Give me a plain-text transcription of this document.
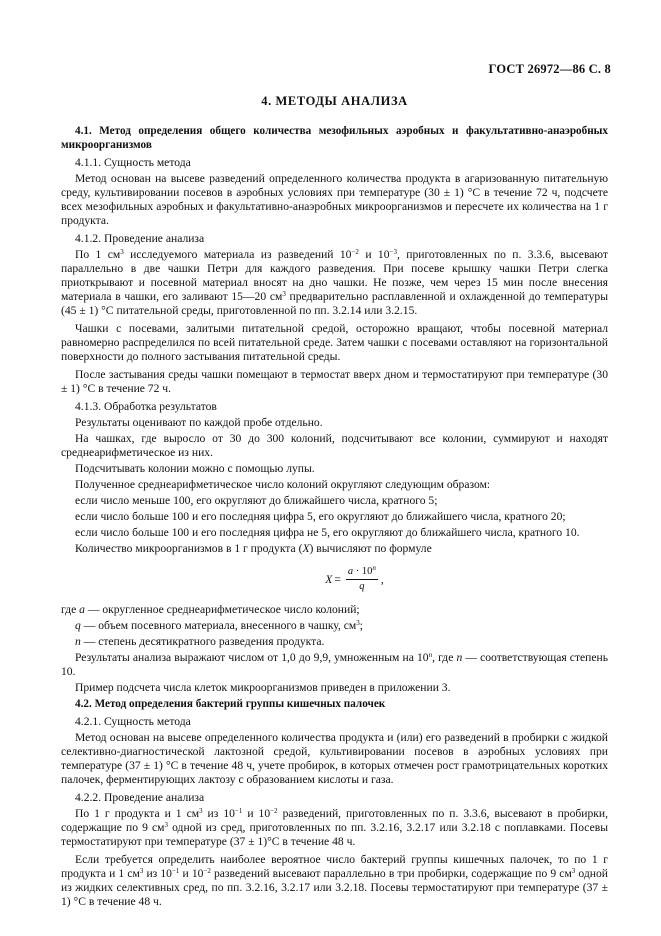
ГОСТ 26972—86 С. 8
4. МЕТОДЫ АНАЛИЗА
4.1. Метод определения общего количества мезофильных аэробных и факультативно-анаэробных микроорганизмов
4.1.1. Сущность метода
Метод основан на высеве разведений определенного количества продукта в агаризованную питательную среду, культивировании посевов в аэробных условиях при температуре (30 ± 1) °С в течение 72 ч, подсчете всех мезофильных аэробных и факультативно-анаэробных микроорганизмов и пересчете их количества на 1 г продукта.
4.1.2. Проведение анализа
По 1 $см^3$ исследуемого материала из разведений $10^{-2}$ и $10^{-3}$, приготовленных по п. 3.3.6, высевают параллельно в две чашки Петри для каждого разведения. При посеве крышку чашки Петри слегка приоткрывают и посевной материал вносят на дно чашки. Не позже, чем через 15 мин после внесения материала в чашки, его заливают 15—20 $см^3$ предварительно расплавленной и охлажденной до температуры (45 ± 1) °С питательной среды, приготовленной по пп. 3.2.14 или 3.2.15.
Чашки с посевами, залитыми питательной средой, осторожно вращают, чтобы посевной материал равномерно распределился по всей питательной среде. Затем чашки с посевами оставляют на горизонтальной поверхности до полного застывания питательной среды.
После застывания среды чашки помещают в термостат вверх дном и термостатируют при температуре (30 ± 1) °С в течение 72 ч.
4.1.3. Обработка результатов
Результаты оценивают по каждой пробе отдельно.
На чашках, где выросло от 30 до 300 колоний, подсчитывают все колонии, суммируют и находят среднеарифметическое из них.
Подсчитывать колонии можно с помощью лупы.
Полученное среднеарифметическое число колоний округляют следующим образом:
если число меньше 100, его округляют до ближайшего числа, кратного 5;
если число больше 100 и его последняя цифра 5, его округляют до ближайшего числа, кратного 20;
если число больше 100 и его последняя цифра не 5, его округляют до ближайшего числа, кратного 10.
Количество микроорганизмов в 1 г продукта (X) вычисляют по формуле
$X = \frac{a \cdot 10^n}{q}$ ,
где a — округленное среднеарифметическое число колоний;
q — объем посевного материала, внесенного в чашку, $см^3$;
n — степень десятикратного разведения продукта.
Результаты анализа выражают числом от 1,0 до 9,9, умноженным на 10$^n$, где n — соответствующая степень 10.
Пример подсчета числа клеток микроорганизмов приведен в приложении 3.
4.2. Метод определения бактерий группы кишечных палочек
4.2.1. Сущность метода
Метод основан на высеве определенного количества продукта и (или) его разведений в пробирки с жидкой селективно-диагностической лактозной средой, культивировании посевов в аэробных условиях при температуре (37 ± 1) °С в течение 48 ч, учете пробирок, в которых отмечен рост грамотрицательных коротких палочек, ферментирующих лактозу с образованием кислоты и газа.
4.2.2. Проведение анализа
По 1 г продукта и 1 $см^3$ из $10^{-1}$ и $10^{-2}$ разведений, приготовленных по п. 3.3.6, высевают в пробирки, содержащие по 9 $см^3$ одной из сред, приготовленных по пп. 3.2.16, 3.2.17 или 3.2.18 с поплавками. Посевы термостатируют при температуре (37 ± 1)°С в течение 48 ч.
Если требуется определить наиболее вероятное число бактерий группы кишечных палочек, то по 1 г продукта и 1 $см^3$ из $10^{-1}$ и $10^{-2}$ разведений высевают параллельно в три пробирки, содержащие по 9 $см^3$ одной из жидких селективных сред, по пп. 3.2.16, 3.2.17 или 3.2.18. Посевы термостатируют при температуре (37 ± 1) °С в течение 48 ч.
